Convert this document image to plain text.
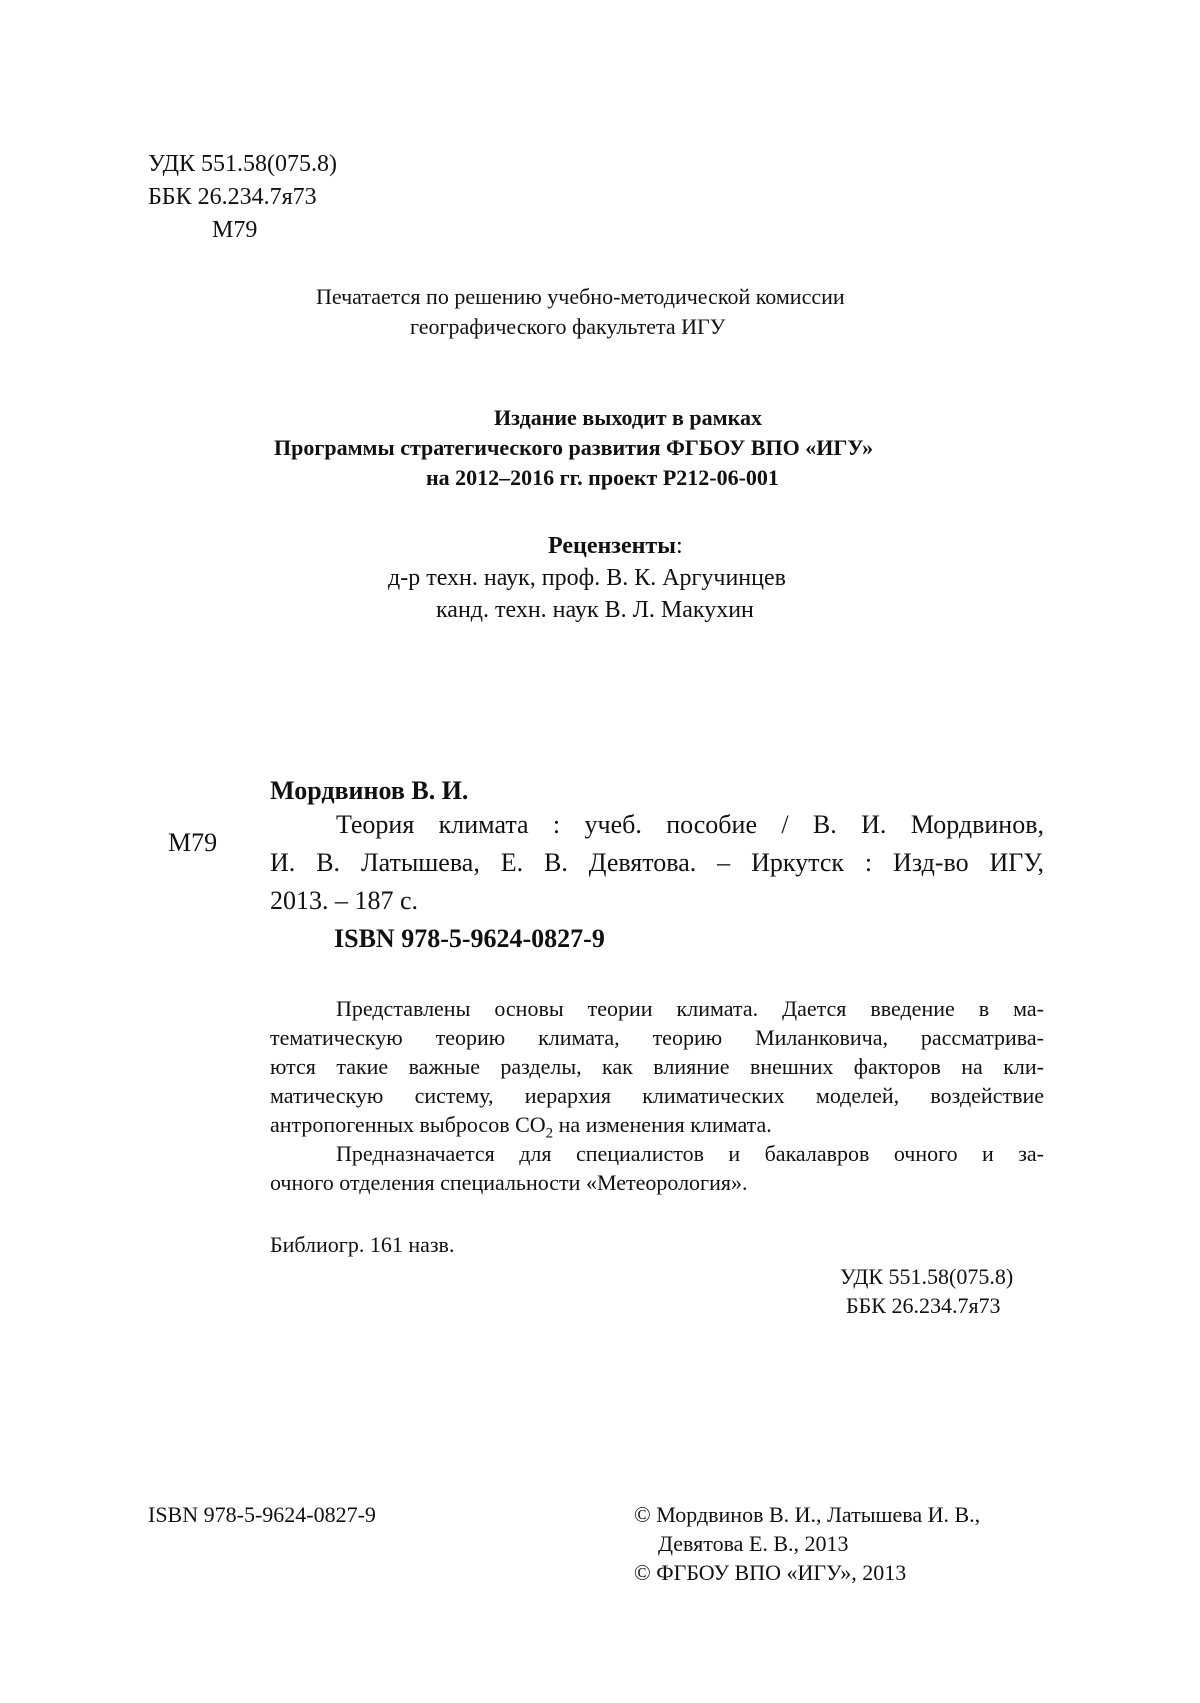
УДК 551.58(075.8)
ББК 26.234.7я73
М79
Печатается по решению учебно-методической комиссии
географического факультета ИГУ
Издание выходит в рамках
Программы стратегического развития ФГБОУ ВПО «ИГУ»
на 2012–2016 гг. проект Р212-06-001
Рецензенты:
д-р техн. наук, проф. В. К. Аргучинцев
канд. техн. наук В. Л. Макухин
Мордвинов В. И.
М79
Теория климата : учеб. пособие / В. И. Мордвинов,
И. В. Латышева, Е. В. Девятова. – Иркутск : Изд-во ИГУ,
2013. – 187 с.
ISBN 978-5-9624-0827-9
Представлены основы теории климата. Дается введение в ма-
тематическую теорию климата, теорию Миланковича, рассматрива-
ются такие важные разделы, как влияние внешних факторов на кли-
матическую систему, иерархия климатических моделей, воздействие
антропогенных выбросов $CO_2$ на изменения климата.
Предназначается для специалистов и бакалавров очного и за-
очного отделения специальности «Метеорология».
Библиогр. 161 назв.
УДК 551.58(075.8)
ББК 26.234.7я73
ISBN 978-5-9624-0827-9	© Мордвинов В. И., Латышева И. В.,
Девятова Е. В., 2013
© ФГБОУ ВПО «ИГУ», 2013
